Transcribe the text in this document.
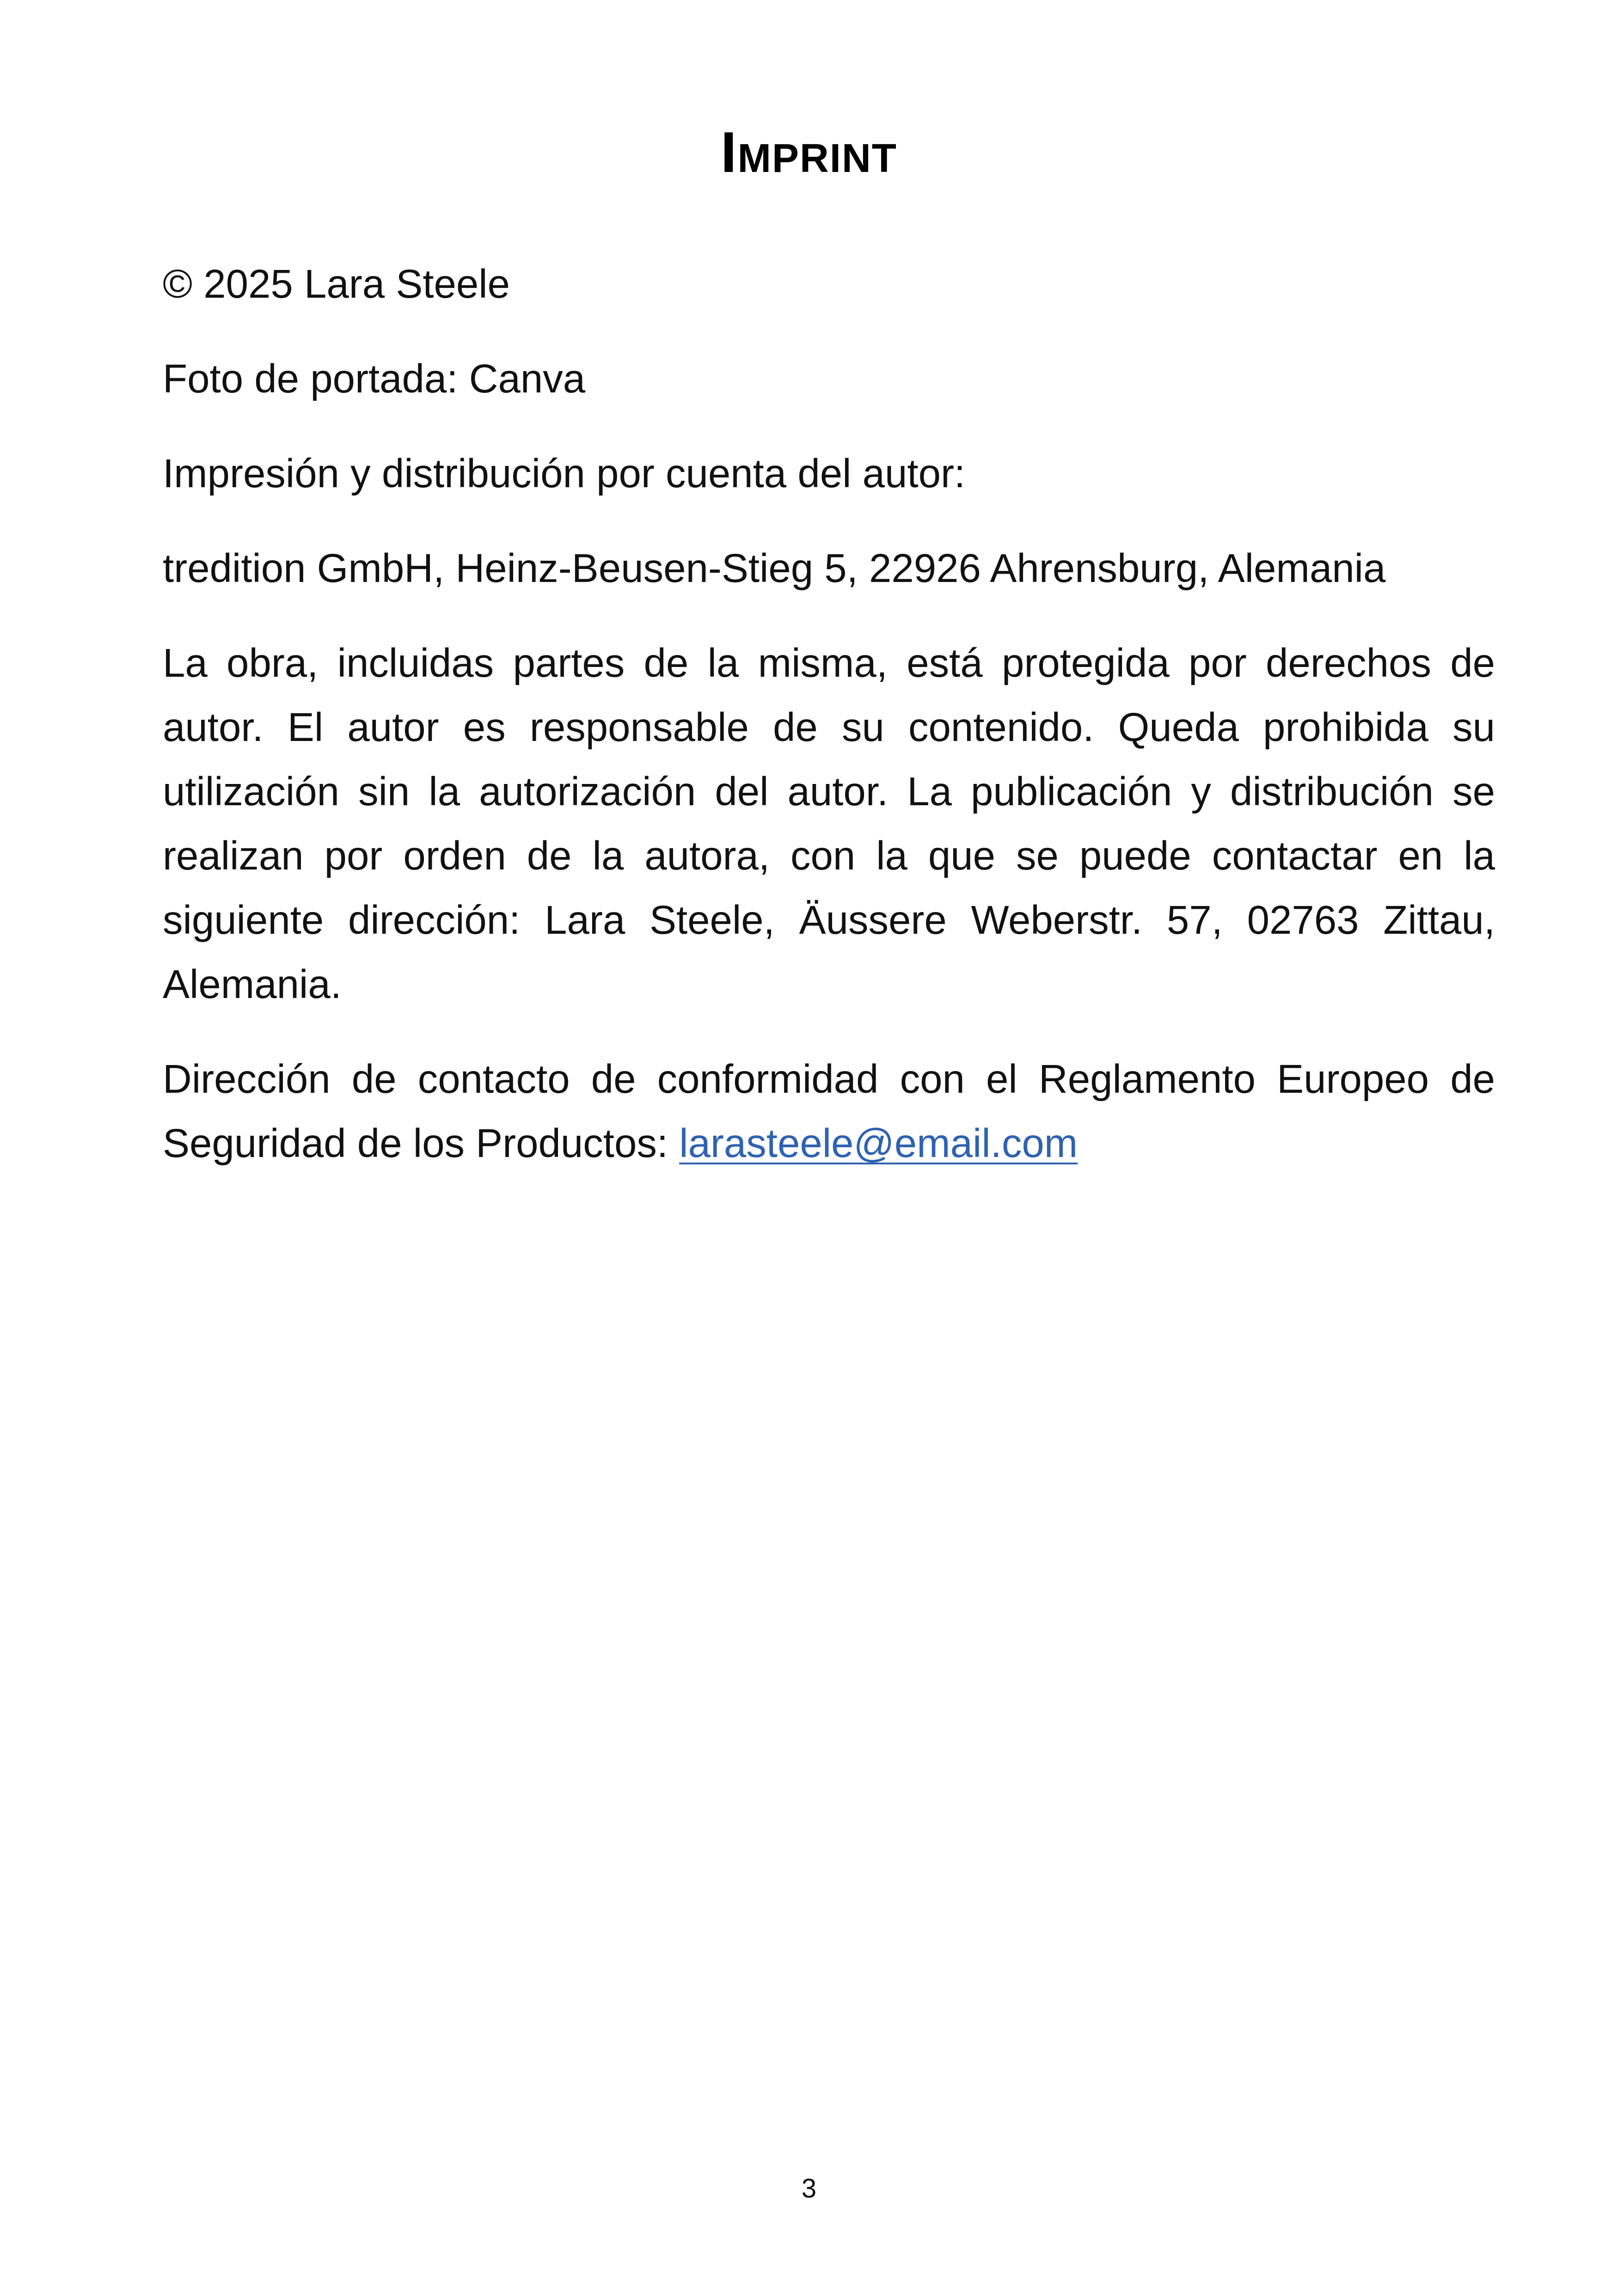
Imprint

© 2025 Lara Steele

Foto de portada: Canva

Impresión y distribución por cuenta del autor:

tredition GmbH, Heinz-Beusen-Stieg 5, 22926 Ahrensburg, Alemania

La obra, incluidas partes de la misma, está protegida por derechos de autor. El autor es responsable de su contenido. Queda prohibida su utilización sin la autorización del autor. La publicación y distribución se realizan por orden de la autora, con la que se puede contactar en la siguiente dirección: Lara Steele, Äussere Weberstr. 57, 02763 Zittau, Alemania.

Dirección de contacto de conformidad con el Reglamento Europeo de Seguridad de los Productos: larasteele@email.com

3
